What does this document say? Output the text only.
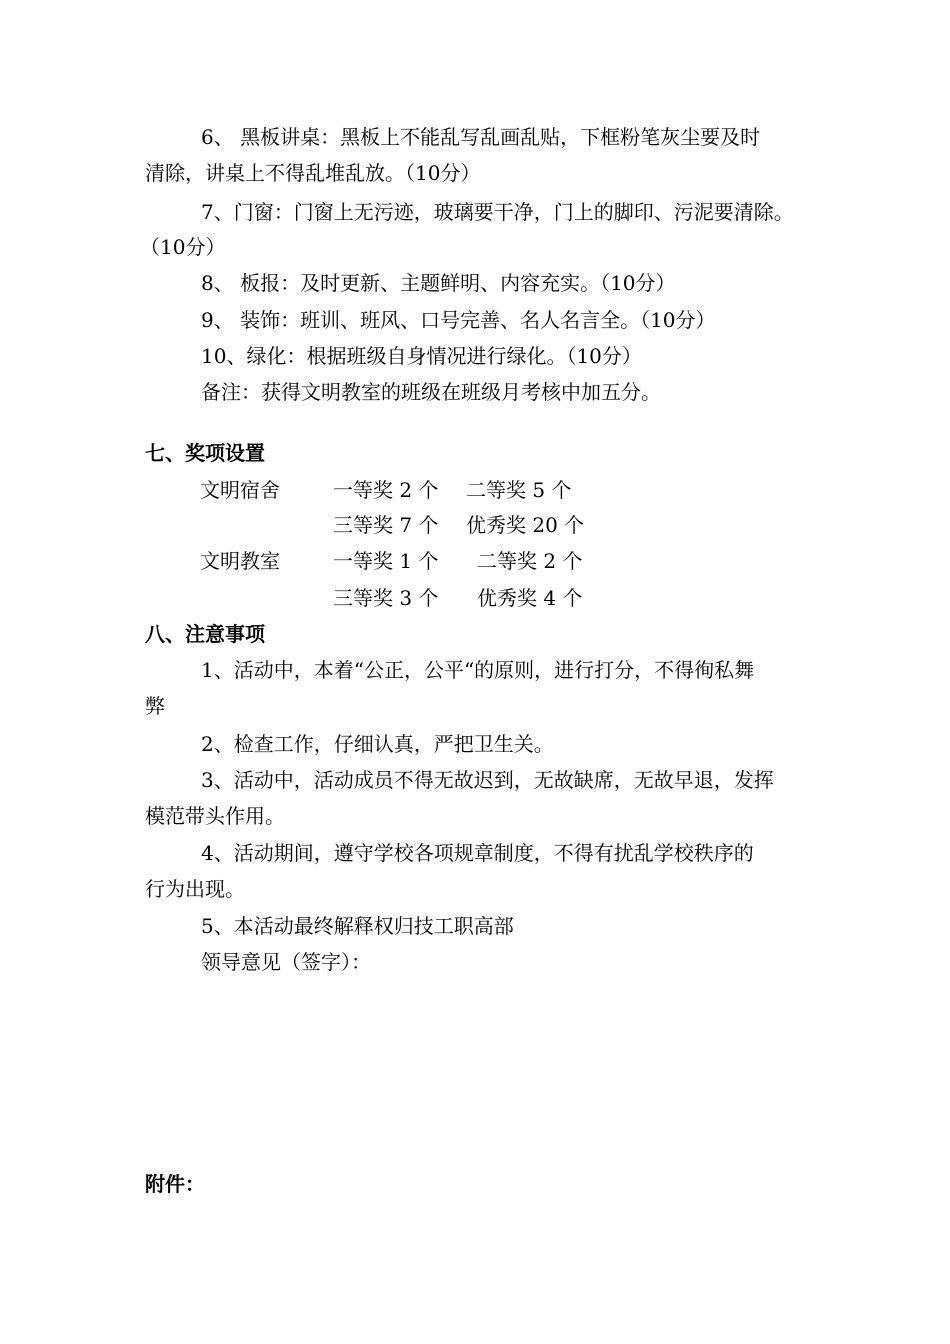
6、 黑板讲桌：黑板上不能乱写乱画乱贴，下框粉笔灰尘要及时
清除，讲桌上不得乱堆乱放。（10分）
7、门窗：门窗上无污迹，玻璃要干净，门上的脚印、污泥要清除。
（10分）
8、 板报：及时更新、主题鲜明、内容充实。（10分）
9、 装饰：班训、班风、口号完善、名人名言全。（10分）
10、绿化：根据班级自身情况进行绿化。（10分）
备注：获得文明教室的班级在班级月考核中加五分。
七、奖项设置
文明宿舍	一等奖 2 个 二等奖 5 个
三等奖 7 个 优秀奖 20 个
文明教室	一等奖 1 个 二等奖 2 个
三等奖 3 个 优秀奖 4 个
八、注意事项
1、活动中，本着“公正，公平“的原则，进行打分，不得徇私舞
弊
2、检查工作，仔细认真，严把卫生关。
3、活动中，活动成员不得无故迟到，无故缺席，无故早退，发挥
模范带头作用。
4、活动期间，遵守学校各项规章制度，不得有扰乱学校秩序的
行为出现。
5、本活动最终解释权归技工职高部
领导意见（签字）：
附件：
